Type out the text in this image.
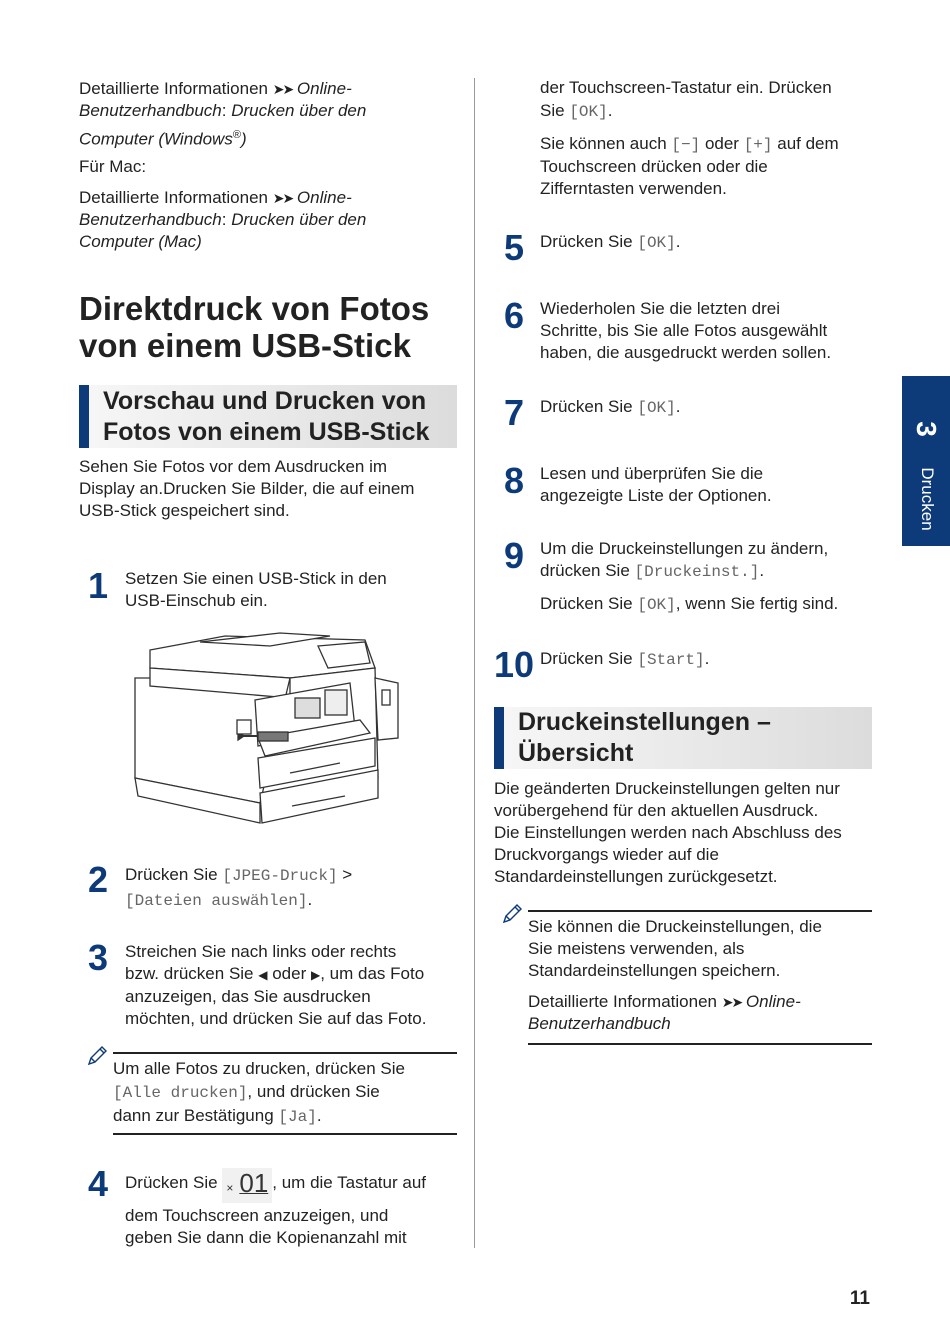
Detaillierte Informationen ➤➤ Online-

Benutzerhandbuch: Drucken über den

Computer (Windows®)

Für Mac:

Detaillierte Informationen ➤➤ Online-

Benutzerhandbuch: Drucken über den

Computer (Mac)

Direktdruck von Fotos
von einem USB-Stick
Vorschau und Drucken von
Fotos von einem USB-Stick

Sehen Sie Fotos vor dem Ausdrucken im

Display an.Drucken Sie Bilder, die auf einem

USB-Stick gespeichert sind.

1 Setzen Sie einen USB-Stick in den

USB-Einschub ein.

2 Drücken Sie [JPEG-Druck] >

[Dateien auswählen].

3 Streichen Sie nach links oder rechts

bzw. drücken Sie ◀ oder ▶, um das Foto

anzuzeigen, das Sie ausdrucken

möchten, und drücken Sie auf das Foto.

Um alle Fotos zu drucken, drücken Sie

[Alle drucken], und drücken Sie

dann zur Bestätigung [Ja].

4 Drücken Sie × 01 , um die Tastatur auf

dem Touchscreen anzuzeigen, und

geben Sie dann die Kopienanzahl mit

der Touchscreen-Tastatur ein. Drücken

Sie [OK].

Sie können auch [−] oder [+] auf dem

Touchscreen drücken oder die

Zifferntasten verwenden.

5 Drücken Sie [OK].

6 Wiederholen Sie die letzten drei

Schritte, bis Sie alle Fotos ausgewählt

haben, die ausgedruckt werden sollen.

7 Drücken Sie [OK].

8 Lesen und überprüfen Sie die

angezeigte Liste der Optionen.

9 Um die Druckeinstellungen zu ändern,

drücken Sie [Druckeinst.].

Drücken Sie [OK], wenn Sie fertig sind.

10 Drücken Sie [Start].

Druckeinstellungen –
Übersicht

Die geänderten Druckeinstellungen gelten nur

vorübergehend für den aktuellen Ausdruck.

Die Einstellungen werden nach Abschluss des

Druckvorgangs wieder auf die

Standardeinstellungen zurückgesetzt.

Sie können die Druckeinstellungen, die

Sie meistens verwenden, als

Standardeinstellungen speichern.

Detaillierte Informationen ➤➤ Online-

Benutzerhandbuch

3
Drucken
11
